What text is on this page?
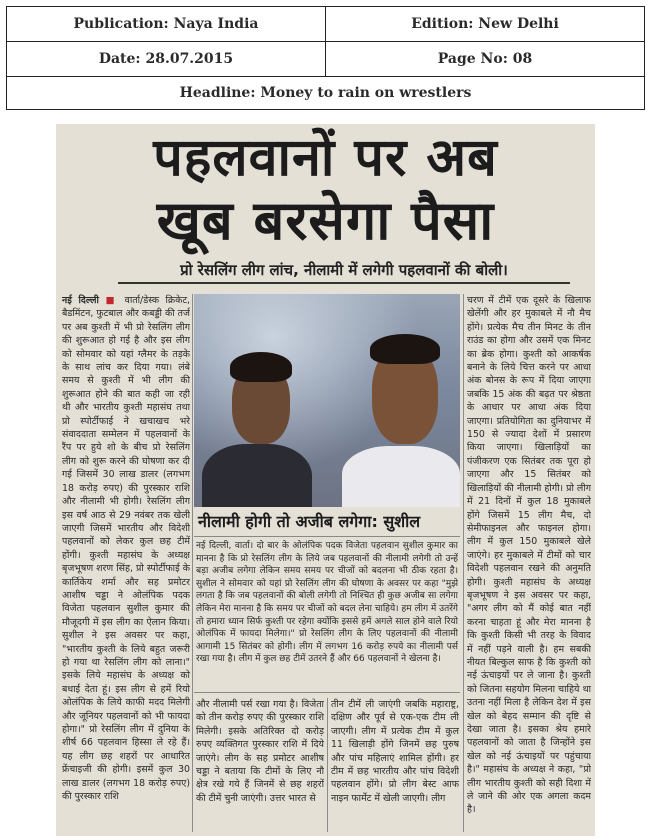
Publication: Naya India	Edition: New Delhi
Date: 28.07.2015	Page No: 08
Headline: Money to rain on wrestlers
पहलवानों पर अब
खूब बरसेगा पैसा
प्रो रेसलिंग लीग लांच, नीलामी में लगेगी पहलवानों की बोली।
नई दिल्ली ■ वार्ता/डेस्क क्रिकेट, बैडमिंटन, फुटबाल और कबड्डी की तर्ज पर अब कुश्ती में भी प्रो रेसलिंग लीग की शुरूआत हो गई है और इस लीग को सोमवार को यहां ग्लैमर के तड़के के साथ लांच कर दिया गया। लंबे समय से कुश्ती में भी लीग की शुरूआत होने की बात कही जा रही थी और भारतीय कुश्ती महासंघ तथा प्रो स्पोर्टीफाई ने खचाखच भरे संवाददाता सम्मेलन में पहलवानों के रैंप पर हुये शो के बीच प्रो रेसलिंग लीग को शुरू करने की घोषणा कर दी गई जिसमें 30 लाख डालर (लगभग 18 करोड़ रुपए) की पुरस्कार राशि और नीलामी भी होगी। रेसलिंग लीग इस वर्ष आठ से 29 नवंबर तक खेली जाएगी जिसमें भारतीय और विदेशी पहलवानों को लेकर कुल छह टीमें होंगी। कुश्ती महासंघ के अध्यक्ष बृजभूषण शरण सिंह, प्रो स्पोर्टीफाई के कार्तिकेय शर्मा और सह प्रमोटर आशीष चड्डा ने ओलंपिक पदक विजेता पहलवान सुशील कुमार की मौजूदगी में इस लीग का ऐलान किया। सुशील ने इस अवसर पर कहा, "भारतीय कुश्ती के लिये बहुत जरूरी हो गया था रेसलिंग लीग को लाना।" इसके लिये महासंघ के अध्यक्ष को बधाई देता हूं। इस लीग से हमें रियो ओलंपिक के लिये काफी मदद मिलेगी और जूनियर पहलवानों को भी फायदा होगा।" प्रो रेसलिंग लीग में दुनिया के शीर्ष 66 पहलवान हिस्सा ले रहे हैं। यह लीग छह शहरों पर आधारित फ्रेंचाइजी की होगी। इसमें कुल 30 लाख डालर (लगभग 18 करोड़ रुपए) की पुरस्कार राशि
नीलामी होगी तो अजीब लगेगा: सुशील
नई दिल्ली, वार्ता। दो बार के ओलंपिक पदक विजेता पहलवान सुशील कुमार का मानना है कि प्रो रेसलिंग लीग के लिये जब पहलवानों की नीलामी लगेगी तो उन्हें बड़ा अजीब लगेगा लेकिन समय समय पर चीजों को बदलना भी ठीक रहता है। सुशील ने सोमवार को यहां प्रो रेसलिंग लीग की घोषणा के अवसर पर कहा "मुझे लगता है कि जब पहलवानों की बोली लगेगी तो निश्चित ही कुछ अजीब सा लगेगा लेकिन मेरा मानना है कि समय पर चीजों को बदल लेना चाहिये। हम लीग में उतरेंगे तो हमारा ध्यान सिर्फ कुश्ती पर रहेगा क्योंकि इससे हमें अगले साल होने वाले रियो ओलंपिक में फायदा मिलेगा।" प्रो रेसलिंग लीग के लिए पहलवानों की नीलामी आगामी 15 सितंबर को होगी। लीग में लगभग 16 करोड़ रुपये का नीलामी पर्स रखा गया है। लीग में कुल छह टीमें उतरने हैं और 66 पहलवानों ने खेलना है।
और नीलामी पर्स रखा गया है। विजेता को तीन करोड़ रुपए की पुरस्कार राशि मिलेगी। इसके अतिरिक्त दो करोड़ रुपए व्यक्तिगत पुरस्कार राशि में दिये जाएंगे। लीग के सह प्रमोटर आशीष चड्डा ने बताया कि टीमों के लिए नौ क्षेत्र रखे गये हैं जिनमें से छह शहरों की टीमें चुनी जाएंगी। उत्तर भारत से
तीन टीमें ली जाएंगी जबकि महाराष्ट्र, दक्षिण और पूर्व से एक-एक टीम ली जाएगी। लीग में प्रत्येक टीम में कुल 11 खिलाड़ी होंगे जिनमें छह पुरुष और पांच महिलाएं शामिल होंगी। हर टीम में छह भारतीय और पांच विदेशी पहलवान होंगे। प्रो लीग बेस्ट आफ नाइन फार्मेट में खेली जाएगी। लीग
चरण में टीमें एक दूसरे के खिलाफ खेलेंगी और हर मुकाबले में नौ मैच होंगे। प्रत्येक मैच तीन मिनट के तीन राउंड का होगा और उसमें एक मिनट का ब्रेक होगा। कुश्ती को आकर्षक बनाने के लिये चित्त करने पर आधा अंक बोनस के रूप में दिया जाएगा जबकि 15 अंक की बढ़त पर श्रेष्ठता के आधार पर आधा अंक दिया जाएगा। प्रतियोगिता का दुनियाभर में 150 से ज्यादा देशों में प्रसारण किया जाएगा। खिलाड़ियों का पंजीकरण एक सितंबर तक पूरा हो जाएगा और 15 सितंबर को खिलाड़ियों की नीलामी होगी। प्रो लीग में 21 दिनों में कुल 18 मुकाबले होंगे जिसमें 15 लीग मैच, दो सेमीफाइनल और फाइनल होगा। लीग में कुल 150 मुकाबले खेले जाएंगे। हर मुकाबले में टीमों को चार विदेशी पहलवान रखने की अनुमति होगी। कुश्ती महासंघ के अध्यक्ष बृजभूषण ने इस अवसर पर कहा, "अगर लीग को मैं कोई बात नहीं करना चाहता हूं और मेरा मानना है कि कुश्ती किसी भी तरह के विवाद में नहीं पड़ने वाली है। हम सबकी नीयत बिल्कुल साफ है कि कुश्ती को नई ऊंचाइयों पर ले जाना है। कुश्ती को जितना सहयोग मिलना चाहिये था उतना नहीं मिला है लेकिन देश में इस खेल को बेहद सम्मान की दृष्टि से देखा जाता है। इसका श्रेय हमारे पहलवानों को जाता है जिन्होंने इस खेल को नई ऊंचाइयों पर पहुंचाया है।" महासंघ के अध्यक्ष ने कहा, "प्रो लीग भारतीय कुश्ती को सही दिशा में ले जाने की ओर एक अगला कदम है।
